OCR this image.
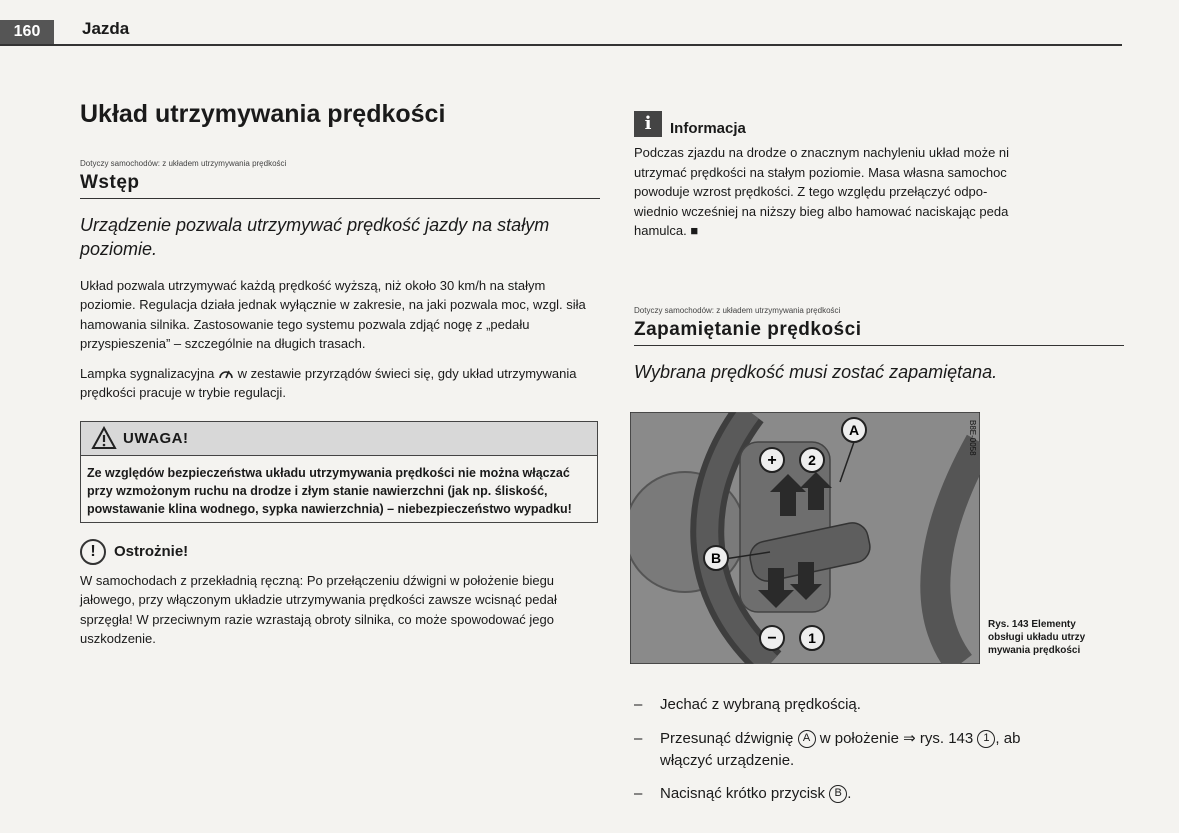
160	Jazda
Układ utrzymywania prędkości
Dotyczy samochodów: z układem utrzymywania prędkości
Wstęp
Urządzenie pozwala utrzymywać prędkość jazdy na stałym poziomie.

Układ pozwala utrzymywać każdą prędkość wyższą, niż około 30 km/h na stałym poziomie. Regulacja działa jednak wyłącznie w zakresie, na jaki pozwala moc, wzgl. siła hamowania silnika. Zastosowanie tego systemu pozwala zdjąć nogę z „pedału przyspieszenia” – szczególnie na długich trasach.

Lampka sygnalizacyjna w zestawie przyrządów świeci się, gdy układ utrzymywania prędkości pracuje w trybie regulacji.

UWAGA!
Ze względów bezpieczeństwa układu utrzymywania prędkości nie można włączać przy wzmożonym ruchu na drodze i złym stanie nawierzchni (jak np. śliskość, powstawanie klina wodnego, sypka nawierzchnia) – niebezpieczeństwo wypadku!
!	Ostrożnie!

W samochodach z przekładnią ręczną: Po przełączeniu dźwigni w położenie biegu jałowego, przy włączonym układzie utrzymywania prędkości zawsze wcisnąć pedał sprzęgła! W przeciwnym razie wzrastają obroty silnika, co może spowodować jego uszkodzenie.

i	Informacja
Podczas zjazdu na drodze o znacznym nachyleniu układ może ni
utrzymać prędkości na stałym poziomie. Masa własna samochoc
powoduje wzrost prędkości. Z tego względu przełączyć odpo-
wiednio wcześniej na niższy bieg albo hamować naciskając peda
hamulca. ■
Dotyczy samochodów: z układem utrzymywania prędkości
Zapamiętanie prędkości
Wybrana prędkość musi zostać zapamiętana.
+ 2
A
B
− 1
B8E-0058
Rys. 143 Elementy
obsługi układu utrzy
mywania prędkości
–	Jechać z wybraną prędkością.
–	Przesunąć dźwignię A w położenie ⇒ rys. 143 1 , ab
włączyć urządzenie.
–	Nacisnąć krótko przycisk B .
